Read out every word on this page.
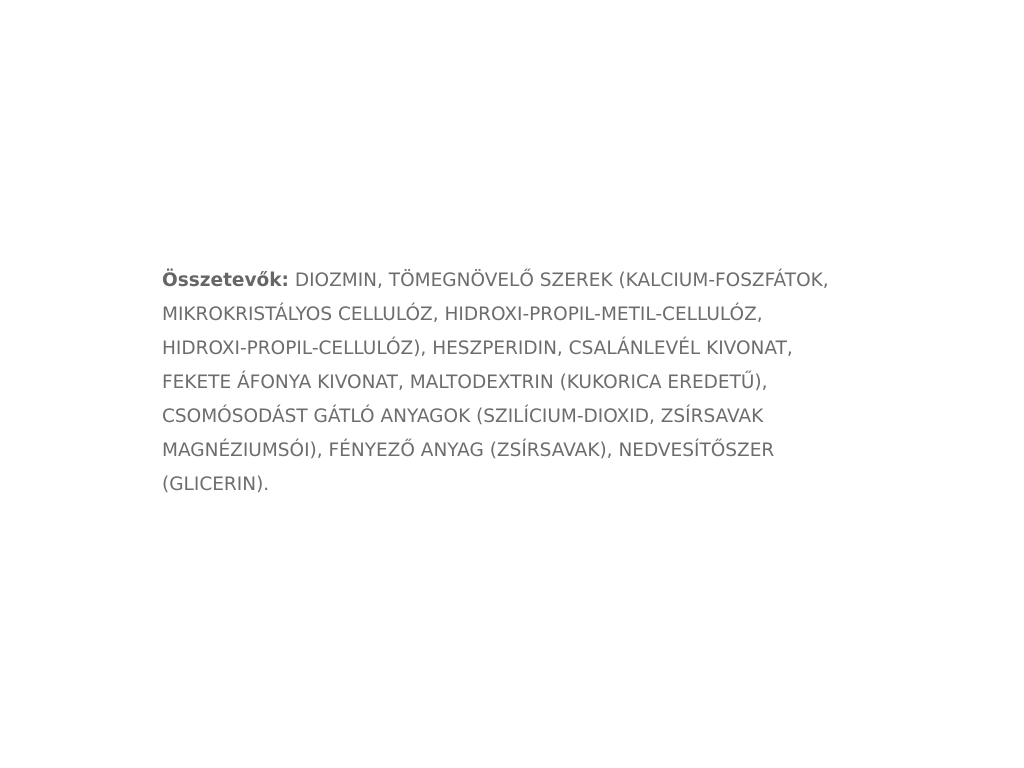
Összetevők: DIOZMIN, TÖMEGNÖVELŐ SZEREK (KALCIUM-FOSZFÁTOK,
MIKROKRISTÁLYOS CELLULÓZ, HIDROXI-PROPIL-METIL-CELLULÓZ,
HIDROXI-PROPIL-CELLULÓZ), HESZPERIDIN, CSALÁNLEVÉL KIVONAT,
FEKETE ÁFONYA KIVONAT, MALTODEXTRIN (KUKORICA EREDETŰ),
CSOMÓSODÁST GÁTLÓ ANYAGOK (SZILÍCIUM-DIOXID, ZSÍRSAVAK
MAGNÉZIUMSÓI), FÉNYEZŐ ANYAG (ZSÍRSAVAK), NEDVESÍTŐSZER
(GLICERIN).
